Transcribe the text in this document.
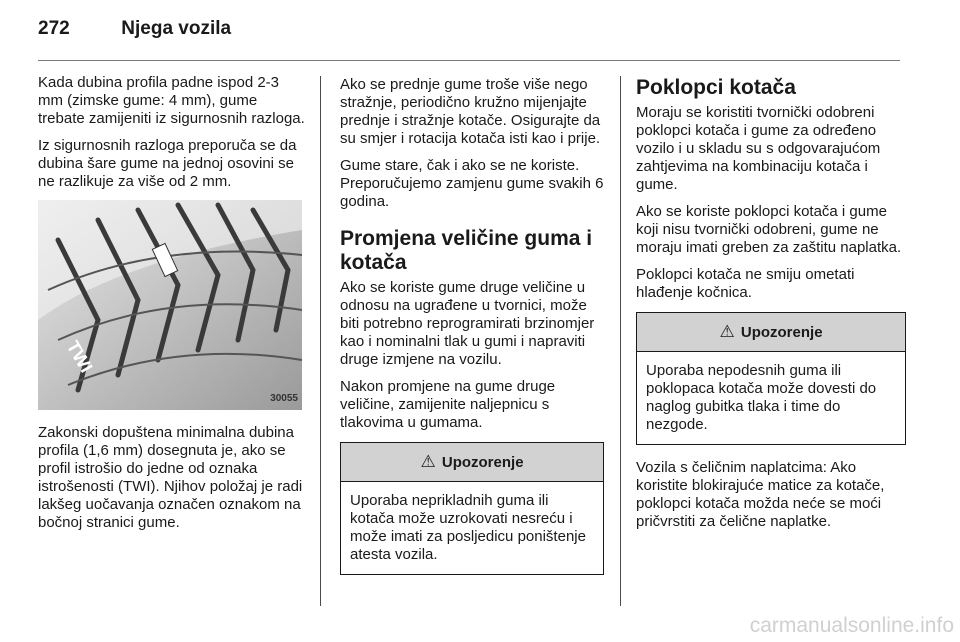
272	Njega vozila

Kada dubina profila padne ispod 2-3 mm (zimske gume: 4 mm), gume trebate zamijeniti iz sigurnosnih razloga.

Iz sigurnosnih razloga preporuča se da dubina šare gume na jednoj osovini se ne razlikuje za više od 2 mm.

TWI
30055

Zakonski dopuštena minimalna dubina profila (1,6 mm) dosegnuta je, ako se profil istrošio do jedne od oznaka istrošenosti (TWI). Njihov položaj je radi lakšeg uočavanja označen oznakom na bočnoj stranici gume.

Ako se prednje gume troše više nego stražnje, periodično kružno mijenjajte prednje i stražnje kotače. Osigurajte da su smjer i rotacija kotača isti kao i prije.

Gume stare, čak i ako se ne koriste. Preporučujemo zamjenu gume svakih 6 godina.

Promjena veličine guma i kotača

Ako se koriste gume druge veličine u odnosu na ugrađene u tvornici, može biti potrebno reprogramirati brzinomjer kao i nominalni tlak u gumi i napraviti druge izmjene na vozilu.

Nakon promjene na gume druge veličine, zamijenite naljepnicu s tlakovima u gumama.

⚠ Upozorenje
Uporaba neprikladnih guma ili kotača može uzrokovati nesreću i može imati za posljedicu poništenje atesta vozila.
Poklopci kotača

Moraju se koristiti tvornički odobreni poklopci kotača i gume za određeno vozilo i u skladu su s odgovarajućom zahtjevima na kombinaciju kotača i gume.

Ako se koriste poklopci kotača i gume koji nisu tvornički odobreni, gume ne moraju imati greben za zaštitu naplatka.

Poklopci kotača ne smiju ometati hlađenje kočnica.

⚠ Upozorenje
Uporaba nepodesnih guma ili poklopaca kotača može dovesti do naglog gubitka tlaka i time do nezgode.

Vozila s čeličnim naplatcima: Ako koristite blokirajuće matice za kotače, poklopci kotača možda neće se moći pričvrstiti za čelične naplatke.

carmanualsonline.info
